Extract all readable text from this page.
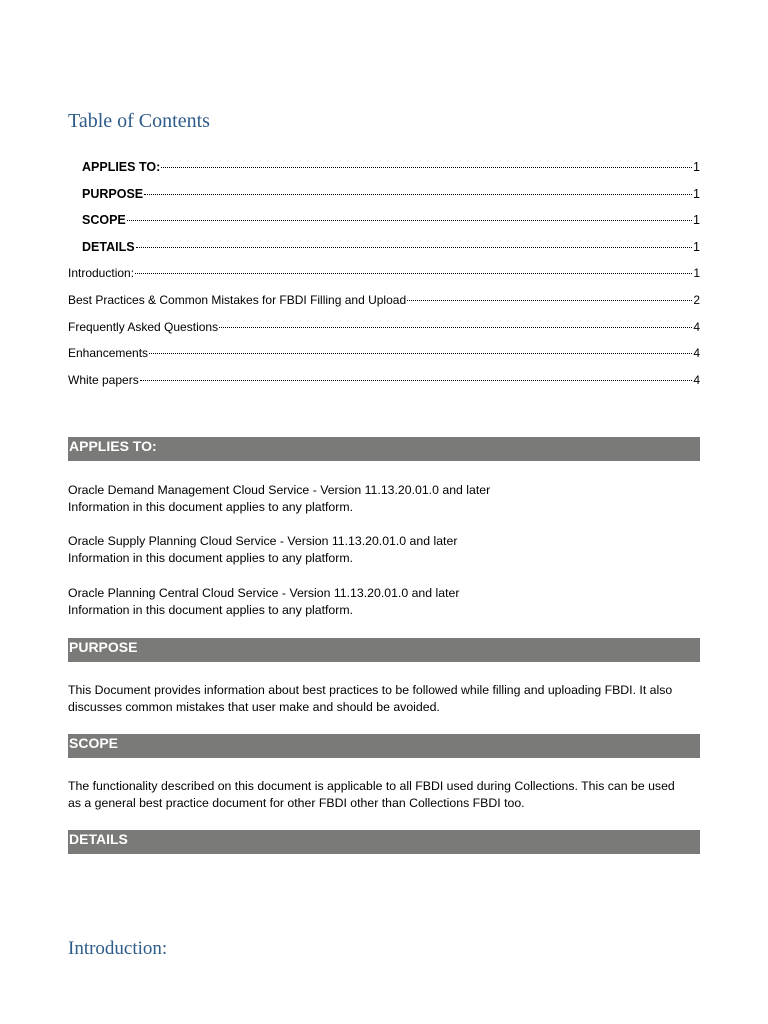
Table of Contents
APPLIES TO:	1
PURPOSE	1
SCOPE	1
DETAILS	1
Introduction:	1
Best Practices & Common Mistakes for FBDI Filling and Upload	2
Frequently Asked Questions	4
Enhancements	4
White papers	4
APPLIES TO:

Oracle Demand Management Cloud Service - Version 11.13.20.01.0 and later
Information in this document applies to any platform.

Oracle Supply Planning Cloud Service - Version 11.13.20.01.0 and later
Information in this document applies to any platform.

Oracle Planning Central Cloud Service - Version 11.13.20.01.0 and later
Information in this document applies to any platform.

PURPOSE

This Document provides information about best practices to be followed while filling and uploading FBDI. It also
discusses common mistakes that user make and should be avoided.

SCOPE

The functionality described on this document is applicable to all FBDI used during Collections. This can be used
as a general best practice document for other FBDI other than Collections FBDI too.

DETAILS
Introduction:
